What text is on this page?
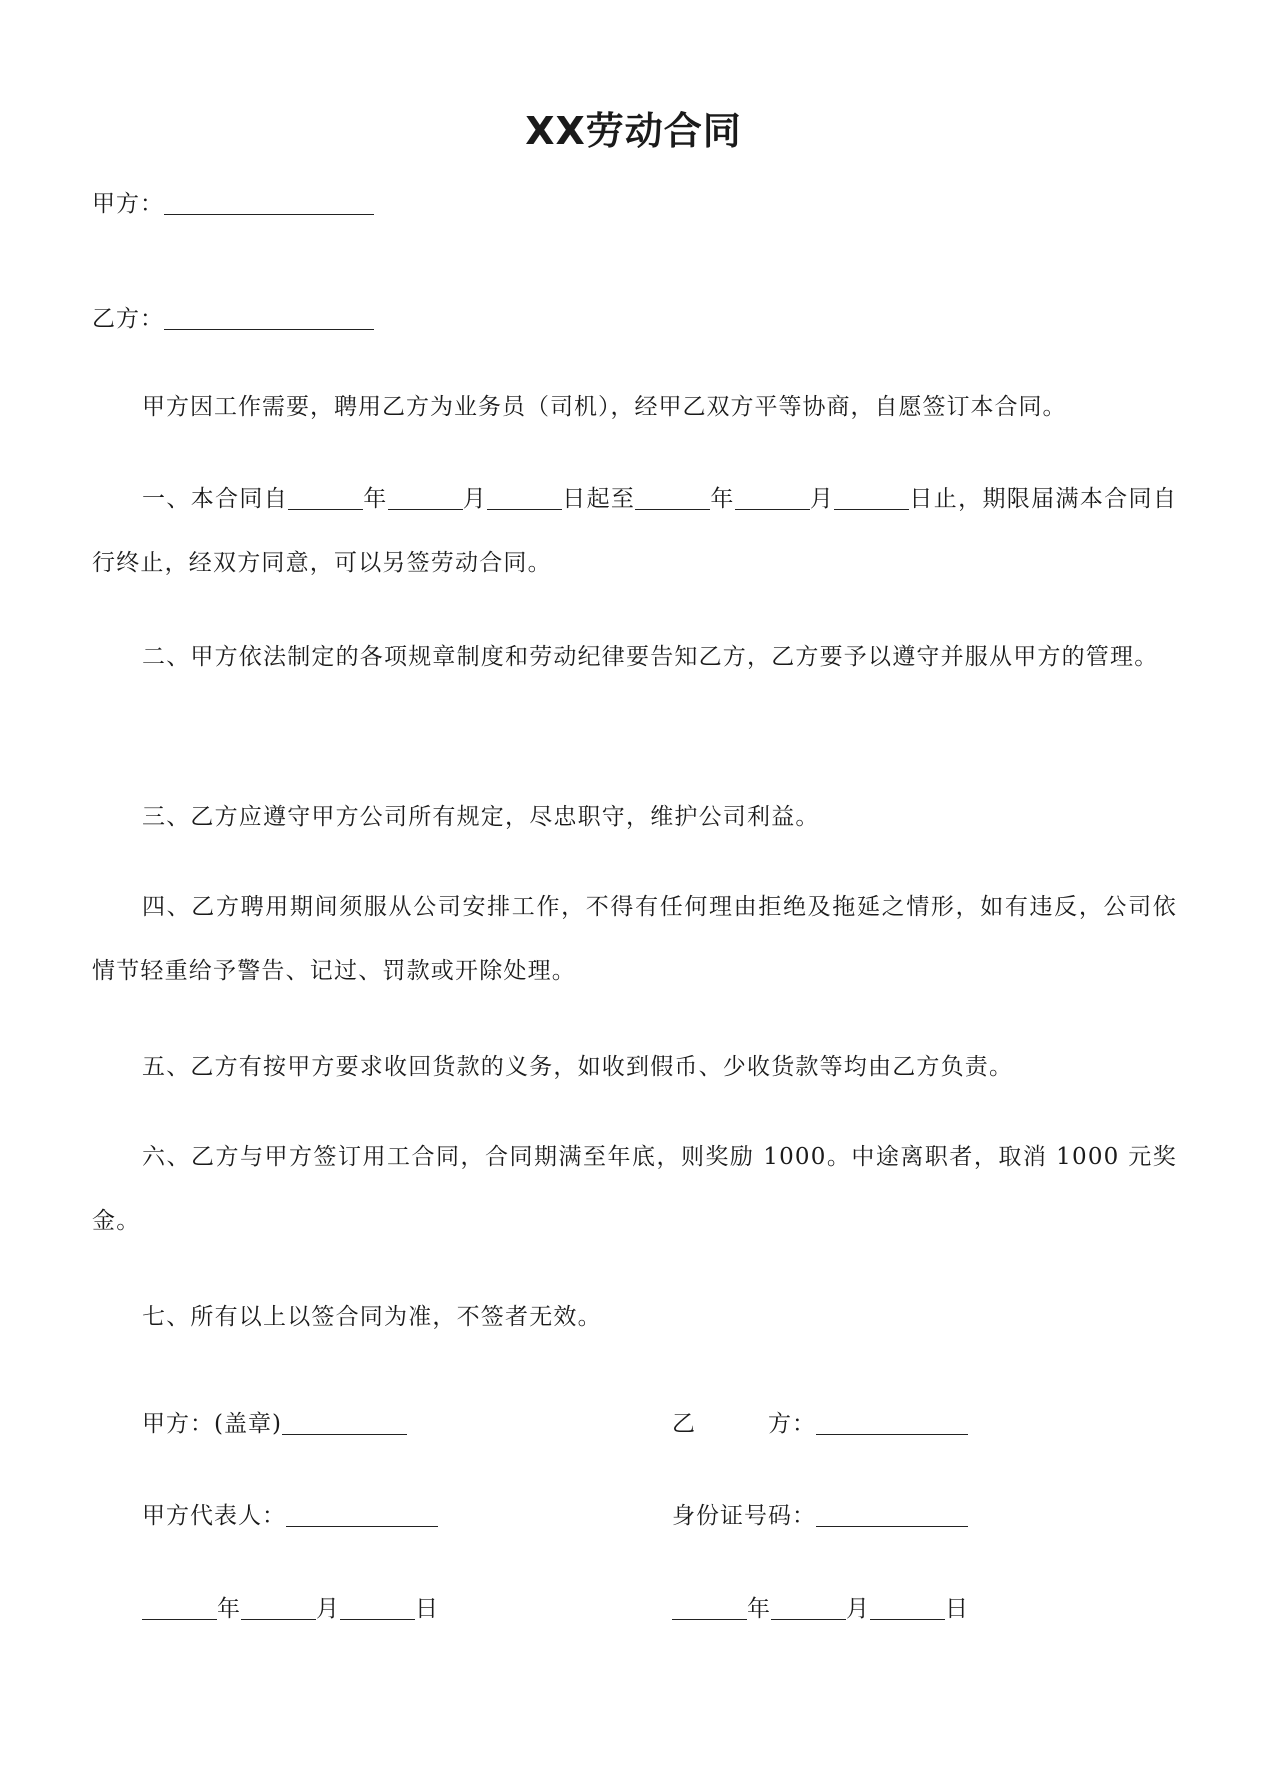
XX劳动合同
甲方：
乙方：
甲方因工作需要，聘用乙方为业务员（司机），经甲乙双方平等协商，自愿签订本合同。
一、本合同自	年	月	日起至	年	月	日止，期限届满本合同自行终止，经双方同意，可以另签劳动合同。
二、甲方依法制定的各项规章制度和劳动纪律要告知乙方，乙方要予以遵守并服从甲方的管理。
三、乙方应遵守甲方公司所有规定，尽忠职守，维护公司利益。
四、乙方聘用期间须服从公司安排工作，不得有任何理由拒绝及拖延之情形，如有违反，公司依情节轻重给予警告、记过、罚款或开除处理。
五、乙方有按甲方要求收回货款的义务，如收到假币、少收货款等均由乙方负责。
六、乙方与甲方签订用工合同，合同期满至年底，则奖励 1000。中途离职者，取消 1000 元奖金。
七、所有以上以签合同为准，不签者无效。
甲方：(盖章)	乙	方：
甲方代表人：	身份证号码：
年	月	日	年	月	日
